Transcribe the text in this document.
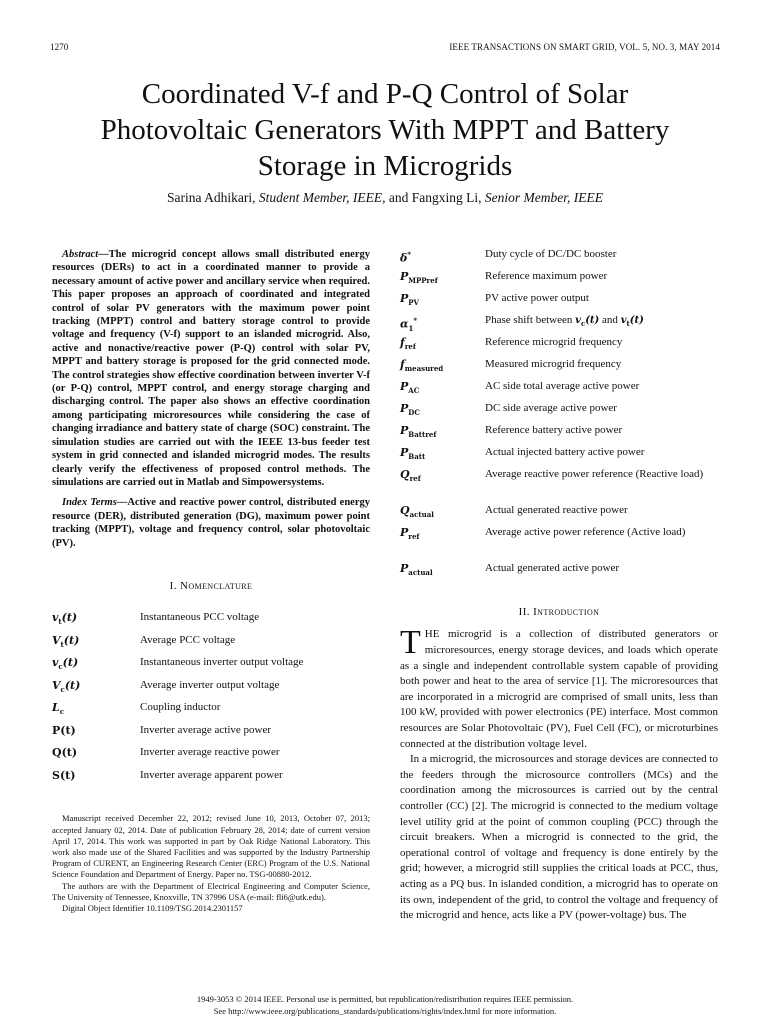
1270	IEEE TRANSACTIONS ON SMART GRID, VOL. 5, NO. 3, MAY 2014
Coordinated V-f and P-Q Control of Solar
Photovoltaic Generators With MPPT and Battery
Storage in Microgrids
Sarina Adhikari, Student Member, IEEE, and Fangxing Li, Senior Member, IEEE

Abstract—The microgrid concept allows small distributed energy resources (DERs) to act in a coordinated manner to provide a necessary amount of active power and ancillary service when required. This paper proposes an approach of coordinated and integrated control of solar PV generators with the maximum power point tracking (MPPT) control and battery storage control to provide voltage and frequency (V-f) support to an islanded microgrid. Also, active and nonactive/reactive power (P-Q) control with solar PV, MPPT and battery storage is proposed for the grid connected mode. The control strategies show effective coordination between inverter V-f (or P-Q) control, MPPT control, and energy storage charging and discharging control. The paper also shows an effective coordination among participating microresources while considering the case of changing irradiance and battery state of charge (SOC) constraint. The simulation studies are carried out with the IEEE 13-bus feeder test system in grid connected and islanded microgrid modes. The results clearly verify the effectiveness of proposed control methods. The simulations are carried out in Matlab and Simpowersystems.

Index Terms—Active and reactive power control, distributed energy resource (DER), distributed generation (DG), maximum power point tracking (MPPT), voltage and frequency control, solar photovoltaic (PV).
I. Nomenclature
$v_t(t)$	Instantaneous PCC voltage
$V_t(t)$	Average PCC voltage
$v_c(t)$	Instantaneous inverter output voltage
$V_c(t)$	Average inverter output voltage
$L_c$	Coupling inductor
P(t)	Inverter average active power
Q(t)	Inverter average reactive power
S(t)	Inverter average apparent power

Manuscript received December 22, 2012; revised June 10, 2013, October 07, 2013; accepted January 02, 2014. Date of publication February 28, 2014; date of current version April 17, 2014. This work was supported in part by Oak Ridge National Laboratory. This work also made use of the Shared Facilities and was supported by the Industry Partnership Program of CURENT, an Engineering Research Center (ERC) Program of the U.S. National Science Foundation and Department of Energy. Paper no. TSG-00880-2012.

The authors are with the Department of Electrical Engineering and Computer Science, The University of Tennessee, Knoxville, TN 37996 USA (e-mail: fli6@utk.edu).

Digital Object Identifier 10.1109/TSG.2014.2301157

δ*	Duty cycle of DC/DC booster
$P_{MPPref}$	Reference maximum power
$P_{PV}$	PV active power output
$\alpha_1^*$	Phase shift between $v_c(t)$ and $v_t(t)$
$f_{ref}$	Reference microgrid frequency
$f_{measured}$	Measured microgrid frequency
$P_{AC}$	AC side total average active power
$P_{DC}$	DC side average active power
$P_{Battref}$	Reference battery active power
$P_{Batt}$	Actual injected battery active power
$Q_{ref}$	Average reactive power reference (Reactive load)
$Q_{actual}$	Actual generated reactive power
$P_{ref}$	Average active power reference (Active load)
$P_{actual}$	Actual generated active power
II. Introduction

THE microgrid is a collection of distributed generators or microresources, energy storage devices, and loads which operate as a single and independent controllable system capable of providing both power and heat to the area of service [1]. The microresources that are incorporated in a microgrid are comprised of small units, less than 100 kW, provided with power electronics (PE) interface. Most common resources are Solar Photovoltaic (PV), Fuel Cell (FC), or microturbines connected at the distribution voltage level.

In a microgrid, the microsources and storage devices are connected to the feeders through the microsource controllers (MCs) and the coordination among the microsources is carried out by the central controller (CC) [2]. The microgrid is connected to the medium voltage level utility grid at the point of common coupling (PCC) through the circuit breakers. When a microgrid is connected to the grid, the operational control of voltage and frequency is done entirely by the grid; however, a microgrid still supplies the critical loads at PCC, thus, acting as a PQ bus. In islanded condition, a microgrid has to operate on its own, independent of the grid, to control the voltage and frequency of the microgrid and hence, acts like a PV (power-voltage) bus. The

1949-3053 © 2014 IEEE. Personal use is permitted, but republication/redistribution requires IEEE permission.
See http://www.ieee.org/publications_standards/publications/rights/index.html for more information.
